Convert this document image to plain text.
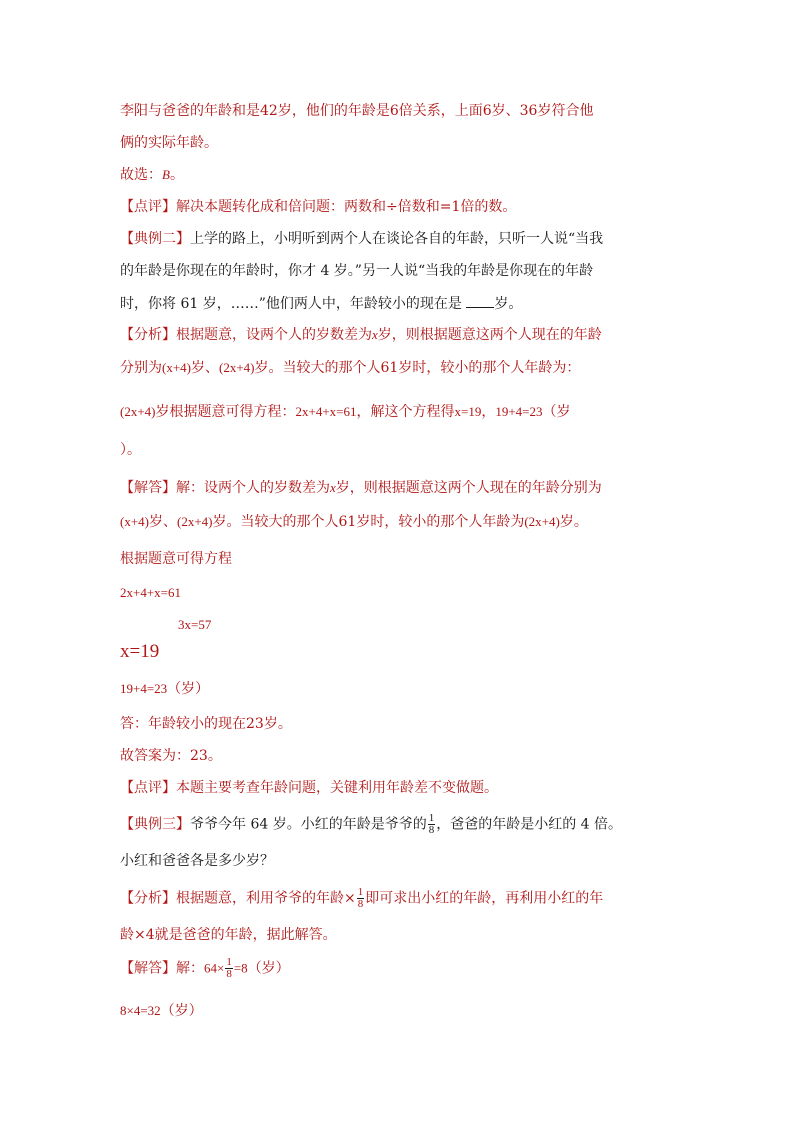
李阳与爸爸的年龄和是42岁，他们的年龄是6倍关系，上面6岁、36岁符合他
俩的实际年龄。
故选：B。
【点评】解决本题转化成和倍问题：两数和÷倍数和=1倍的数。
【典例二】上学的路上，小明听到两个人在谈论各自的年龄，只听一人说“当我
的年龄是你现在的年龄时，你才 4 岁。”另一人说“当我的年龄是你现在的年龄
时，你将 61 岁，……”他们两人中，年龄较小的现在是 岁。
【分析】根据题意，设两个人的岁数差为x岁，则根据题意这两个人现在的年龄
分别为(x+4)岁、(2x+4)岁。当较大的那个人61岁时，较小的那个人年龄为：
(2x+4)岁根据题意可得方程：2x+4+x=61，解这个方程得x=19，19+4=23（岁
）。
【解答】解：设两个人的岁数差为x岁，则根据题意这两个人现在的年龄分别为
(x+4)岁、(2x+4)岁。当较大的那个人61岁时，较小的那个人年龄为(2x+4)岁。
根据题意可得方程
2x+4+x=61
3x=57
x=19
19+4=23（岁）
答：年龄较小的现在23岁。
故答案为：23。
【点评】本题主要考查年龄问题，关键利用年龄差不变做题。
【典例三】爷爷今年 64 岁。小红的年龄是爷爷的 $\frac{1}{8}$ ，爸爸的年龄是小红的 4 倍。
小红和爸爸各是多少岁？
【分析】根据题意，利用爷爷的年龄× $\frac{1}{8}$ 即可求出小红的年龄，再利用小红的年
龄×4就是爸爸的年龄，据此解答。
【解答】解：$64\times \frac{1}{8} =8$（岁）
8×4=32（岁）
